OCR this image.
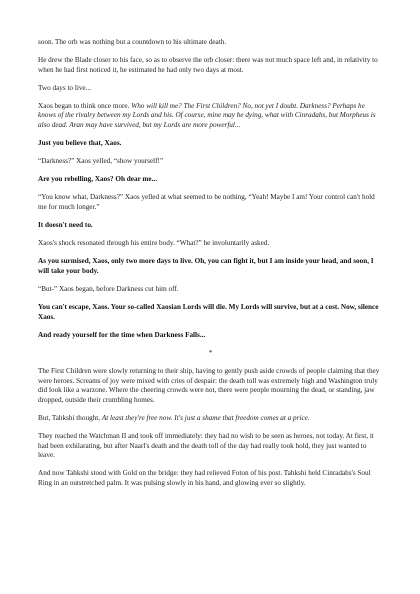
soon. The orb was nothing but a countdown to his ultimate death.

He drew the Blade closer to his face, so as to observe the orb closer: there was not much space left and, in relativity to when he had first noticed it, he estimated he had only two days at most.

Two days to live...

Xaos began to think once more. Who will kill me? The First Children? No, not yet I doubt. Darkness? Perhaps he knows of the rivalry between my Lords and his. Of course, mine may be dying, what with Cinradahs, but Morpheus is also dead. Aran may have survived, but my Lords are more powerful...

Just you believe that, Xaos.

“Darkness?” Xaos yelled, “show yourself!”

Are you rebelling, Xaos? Oh dear me...

“You know what, Darkness?” Xaos yelled at what seemed to be nothing, “Yeah! Maybe I am! Your control can't hold me for much longer.”

It doesn't need to.

Xaos's shock resonated through his entire body. “What?” he involuntarily asked.

As you surmised, Xaos, only two more days to live. Oh, you can fight it, but I am inside your head, and soon, I will take your body.

“But-” Xaos began, before Darkness cut him off.

You can't escape, Xaos. Your so-called Xaosian Lords will die. My Lords will survive, but at a cost. Now, silence Xaos.

And ready yourself for the time when Darkness Falls...

*

The First Children were slowly returning to their ship, having to gently push aside crowds of people claiming that they were heroes. Screams of joy were mixed with cries of despair: the death toll was extremely high and Washington truly did look like a warzone. Where the cheering crowds were not, there were people mourning the dead, or standing, jaw dropped, outside their crumbling homes.

But, Tahkshi thought, At least they're free now. It's just a shame that freedom comes at a price.

They reached the Watchman II and took off immediately: they had no wish to be seen as heroes, not today. At first, it had been exhilarating, but after Naarl's death and the death toll of the day had really took hold, they just wanted to leave.

And now Tahkshi stood with Gold on the bridge: they had relieved Foton of his post. Tahkshi held Cinradahs's Soul Ring in an outstretched palm. It was pulsing slowly in his hand, and glowing ever so slightly.
